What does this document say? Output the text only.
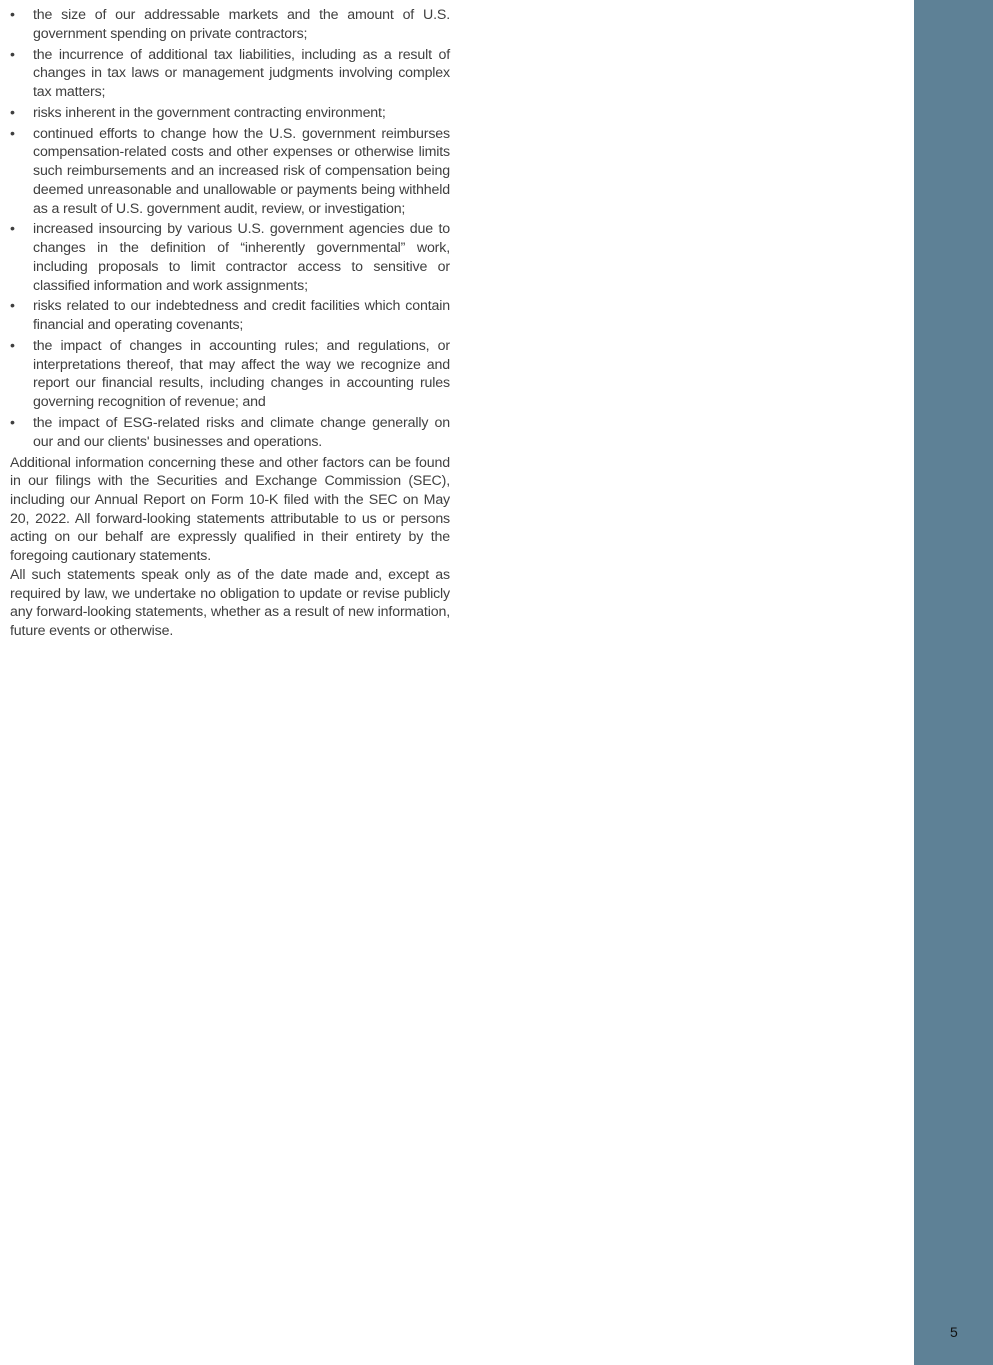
• the size of our addressable markets and the amount of U.S. government spending on private contractors;
• the incurrence of additional tax liabilities, including as a result of changes in tax laws or management judgments involving complex tax matters;
• risks inherent in the government contracting environment;
• continued efforts to change how the U.S. government reimburses compensation-related costs and other expenses or otherwise limits such reimbursements and an increased risk of compensation being deemed unreasonable and unallowable or payments being withheld as a result of U.S. government audit, review, or investigation;
• increased insourcing by various U.S. government agencies due to changes in the definition of “inherently governmental” work, including proposals to limit contractor access to sensitive or classified information and work assignments;
• risks related to our indebtedness and credit facilities which contain financial and operating covenants;
• the impact of changes in accounting rules; and regulations, or interpretations thereof, that may affect the way we recognize and report our financial results, including changes in accounting rules governing recognition of revenue; and
• the impact of ESG-related risks and climate change generally on our and our clients' businesses and operations.

Additional information concerning these and other factors can be found in our filings with the Securities and Exchange Commission (SEC), including our Annual Report on Form 10-K filed with the SEC on May 20, 2022. All forward-looking statements attributable to us or persons acting on our behalf are expressly qualified in their entirety by the foregoing cautionary statements.

All such statements speak only as of the date made and, except as required by law, we undertake no obligation to update or revise publicly any forward-looking statements, whether as a result of new information, future events or otherwise.

5
